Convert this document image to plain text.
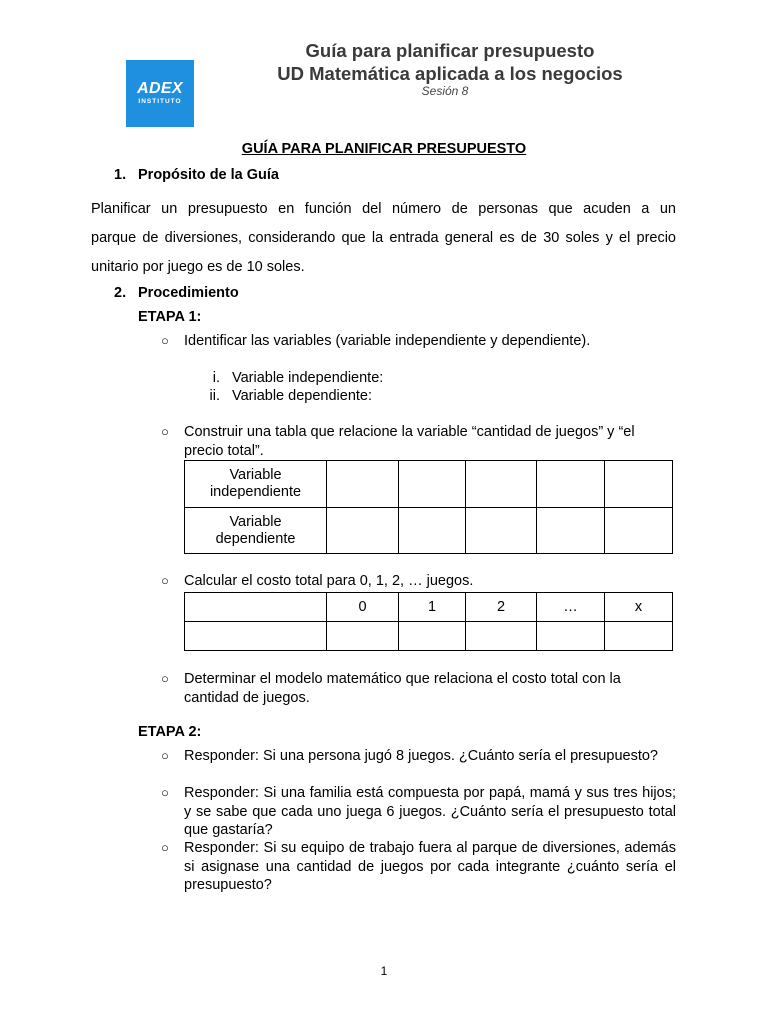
ADEX
INSTITUTO
Guía para planificar presupuesto
UD Matemática aplicada a los negocios
Sesión 8
GUÍA PARA PLANIFICAR PRESUPUESTO
1. Propósito de la Guía
Planificar un presupuesto en función del número de personas que acuden a un
parque de diversiones, considerando que la entrada general es de 30 soles y el precio
unitario por juego es de 10 soles.
2. Procedimiento
ETAPA 1:
○ Identificar las variables (variable independiente y dependiente).
i. Variable independiente:
ii. Variable dependiente:
○ Construir una tabla que relacione la variable “cantidad de juegos” y “el precio total”.
Variable
independiente					

Variable
dependiente					

○ Calcular el costo total para 0, 1, 2, … juegos.
	0	1	2	…	x

○ Determinar el modelo matemático que relaciona el costo total con la cantidad de juegos.
ETAPA 2:
○ Responder: Si una persona jugó 8 juegos. ¿Cuánto sería el presupuesto?
○ Responder: Si una familia está compuesta por papá, mamá y sus tres hijos; y se sabe que cada uno juega 6 juegos. ¿Cuánto sería el presupuesto total que gastaría?
○ Responder: Si su equipo de trabajo fuera al parque de diversiones, además si asignase una cantidad de juegos por cada integrante ¿cuánto sería el presupuesto?
1
